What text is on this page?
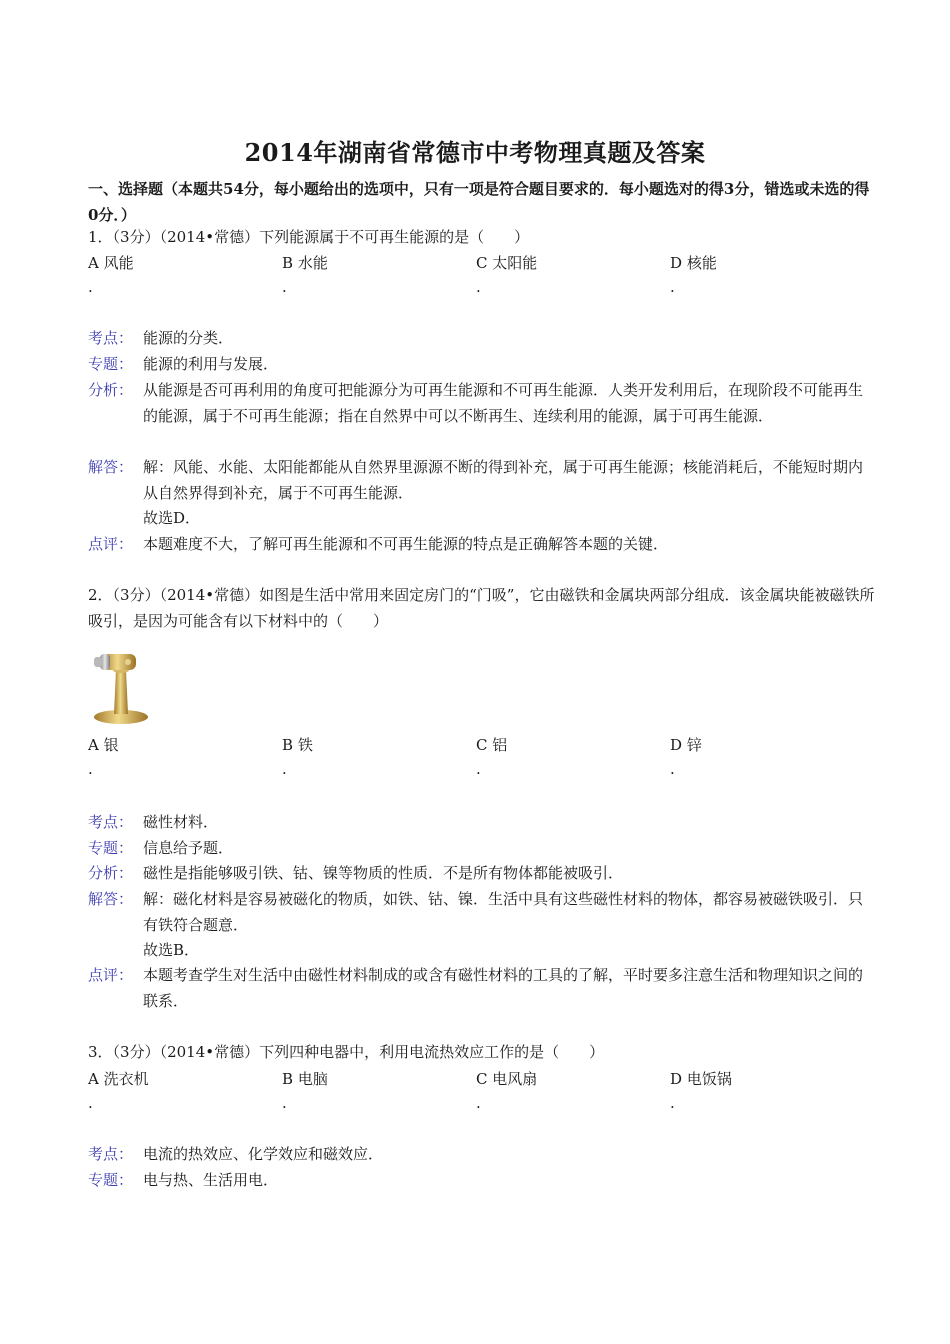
2014年湖南省常德市中考物理真题及答案
一、选择题（本题共54分，每小题给出的选项中，只有一项是符合题目要求的．每小题选对的得3分，错选或未选的得0分．）
1．（3分）（2014•常德）下列能源属于不可再生能源的是（　　）
A 风能
.
B 水能
.
C 太阳能
.
D 核能
.
考点： 能源的分类．
专题： 能源的利用与发展．
分析： 从能源是否可再利用的角度可把能源分为可再生能源和不可再生能源．人类开发利用后，在现阶段不可能再生的能源，属于不可再生能源；指在自然界中可以不断再生、连续利用的能源，属于可再生能源．
解答： 解：风能、水能、太阳能都能从自然界里源源不断的得到补充，属于可再生能源；核能消耗后，不能短时期内从自然界得到补充，属于不可再生能源．
故选D．
点评： 本题难度不大，了解可再生能源和不可再生能源的特点是正确解答本题的关键．
2．（3分）（2014•常德）如图是生活中常用来固定房门的“门吸”，它由磁铁和金属块两部分组成．该金属块能被磁铁所吸引，是因为可能含有以下材料中的（　　）
A 银
.
B 铁
.
C 铝
.
D 锌
.
考点： 磁性材料．
专题： 信息给予题．
分析： 磁性是指能够吸引铁、钴、镍等物质的性质．不是所有物体都能被吸引．
解答： 解：磁化材料是容易被磁化的物质，如铁、钴、镍．生活中具有这些磁性材料的物体，都容易被磁铁吸引．只有铁符合题意．
故选B．
点评： 本题考查学生对生活中由磁性材料制成的或含有磁性材料的工具的了解，平时要多注意生活和物理知识之间的联系．
3．（3分）（2014•常德）下列四种电器中，利用电流热效应工作的是（　　）
A 洗衣机
.
B 电脑
.
C 电风扇
.
D 电饭锅
.
考点： 电流的热效应、化学效应和磁效应．
专题： 电与热、生活用电．
